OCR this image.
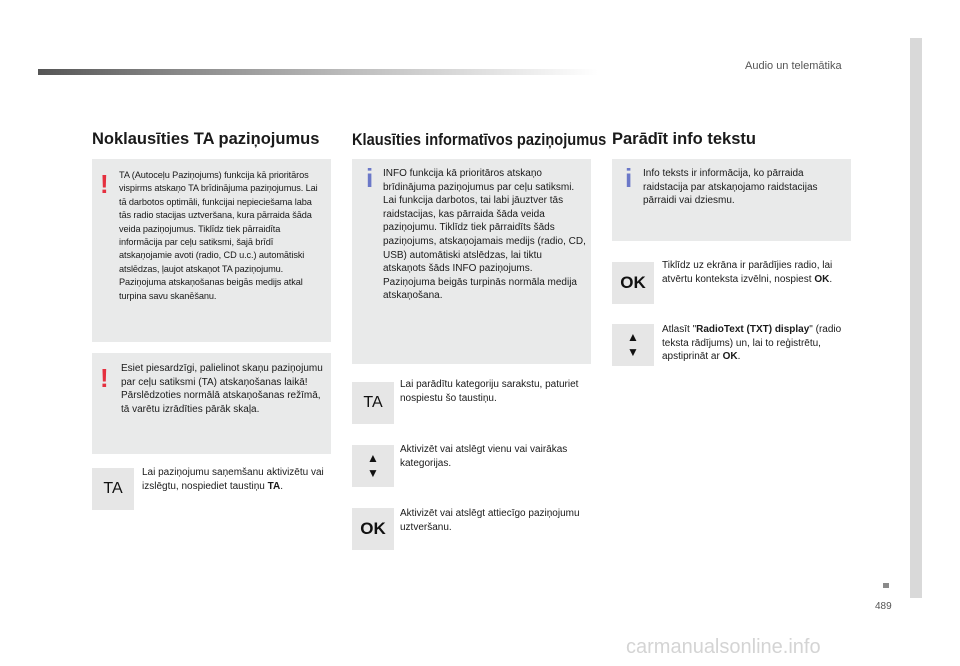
Audio un telemātika
Noklausīties TA paziņojumus
! TA (Autoceļu Paziņojums) funkcija kā prioritāros vispirms atskaņo TA brīdinājuma paziņojumus. Lai tā darbotos optimāli, funkcijai nepieciešama laba tās radio stacijas uztveršana, kura pārraida šāda veida paziņojumus. Tiklīdz tiek pārraidīta informācija par ceļu satiksmi, šajā brīdī atskaņojamie avoti (radio, CD u.c.) automātiski atslēdzas, ļaujot atskaņot TA paziņojumu. Paziņojuma atskaņošanas beigās medijs atkal turpina savu skanēšanu.

! Esiet piesardzīgi, palielinot skaņu paziņojumu par ceļu satiksmi (TA) atskaņošanas laikā! Pārslēdzoties normālā atskaņošanas režīmā, tā varētu izrādīties pārāk skaļa.

TA

Lai paziņojumu saņemšanu aktivizētu vai izslēgtu, nospiediet taustiņu TA.

Klausīties informatīvos paziņojumus
i INFO funkcija kā prioritāros atskaņo brīdinājuma paziņojumus par ceļu satiksmi. Lai funkcija darbotos, tai labi jāuztver tās raidstacijas, kas pārraida šāda veida paziņojumu. Tiklīdz tiek pārraidīts šāds paziņojums, atskaņojamais medijs (radio, CD, USB) automātiski atslēdzas, lai tiktu atskaņots šāds INFO paziņojums. Paziņojuma beigās turpinās normāla medija atskaņošana.

TA

Lai parādītu kategoriju sarakstu, paturiet nospiestu šo taustiņu.

▲
▼

Aktivizēt vai atslēgt vienu vai vairākas kategorijas.

OK

Aktivizēt vai atslēgt attiecīgo paziņojumu uztveršanu.

Parādīt info tekstu
i Info teksts ir informācija, ko pārraida raidstacija par atskaņojamo raidstacijas pārraidi vai dziesmu.

OK

Tiklīdz uz ekrāna ir parādījies radio, lai atvērtu konteksta izvēlni, nospiest OK.

▲
▼

Atlasīt "RadioText (TXT) display" (radio teksta rādījums) un, lai to reģistrētu, apstiprināt ar OK.

489
carmanualsonline.info
